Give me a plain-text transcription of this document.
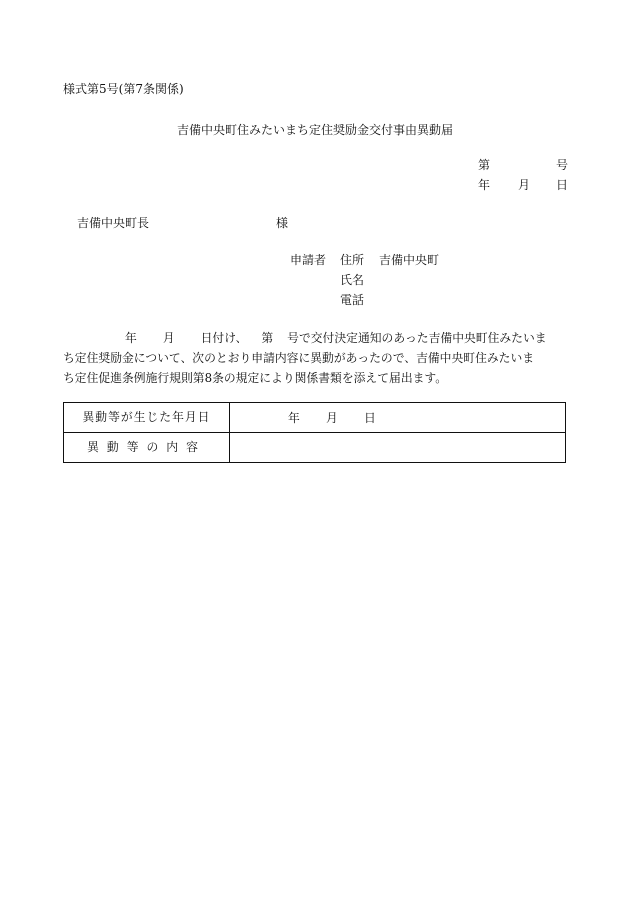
様式第5号(第7条関係)
吉備中央町住みたいまち定住奨励金交付事由異動届
第	号
年 月 日
吉備中央町長	様
申請者 住所 吉備中央町
氏名
電話

年 月 日付け、 第 号で交付決定通知のあった吉備中央町住みたいま

ち定住奨励金について、次のとおり申請内容に異動があったので、吉備中央町住みたいま

ち定住促進条例施行規則第8条の規定により関係書類を添えて届出ます。

異動等が生じた年月日	年 月 日

異動等の内容	
